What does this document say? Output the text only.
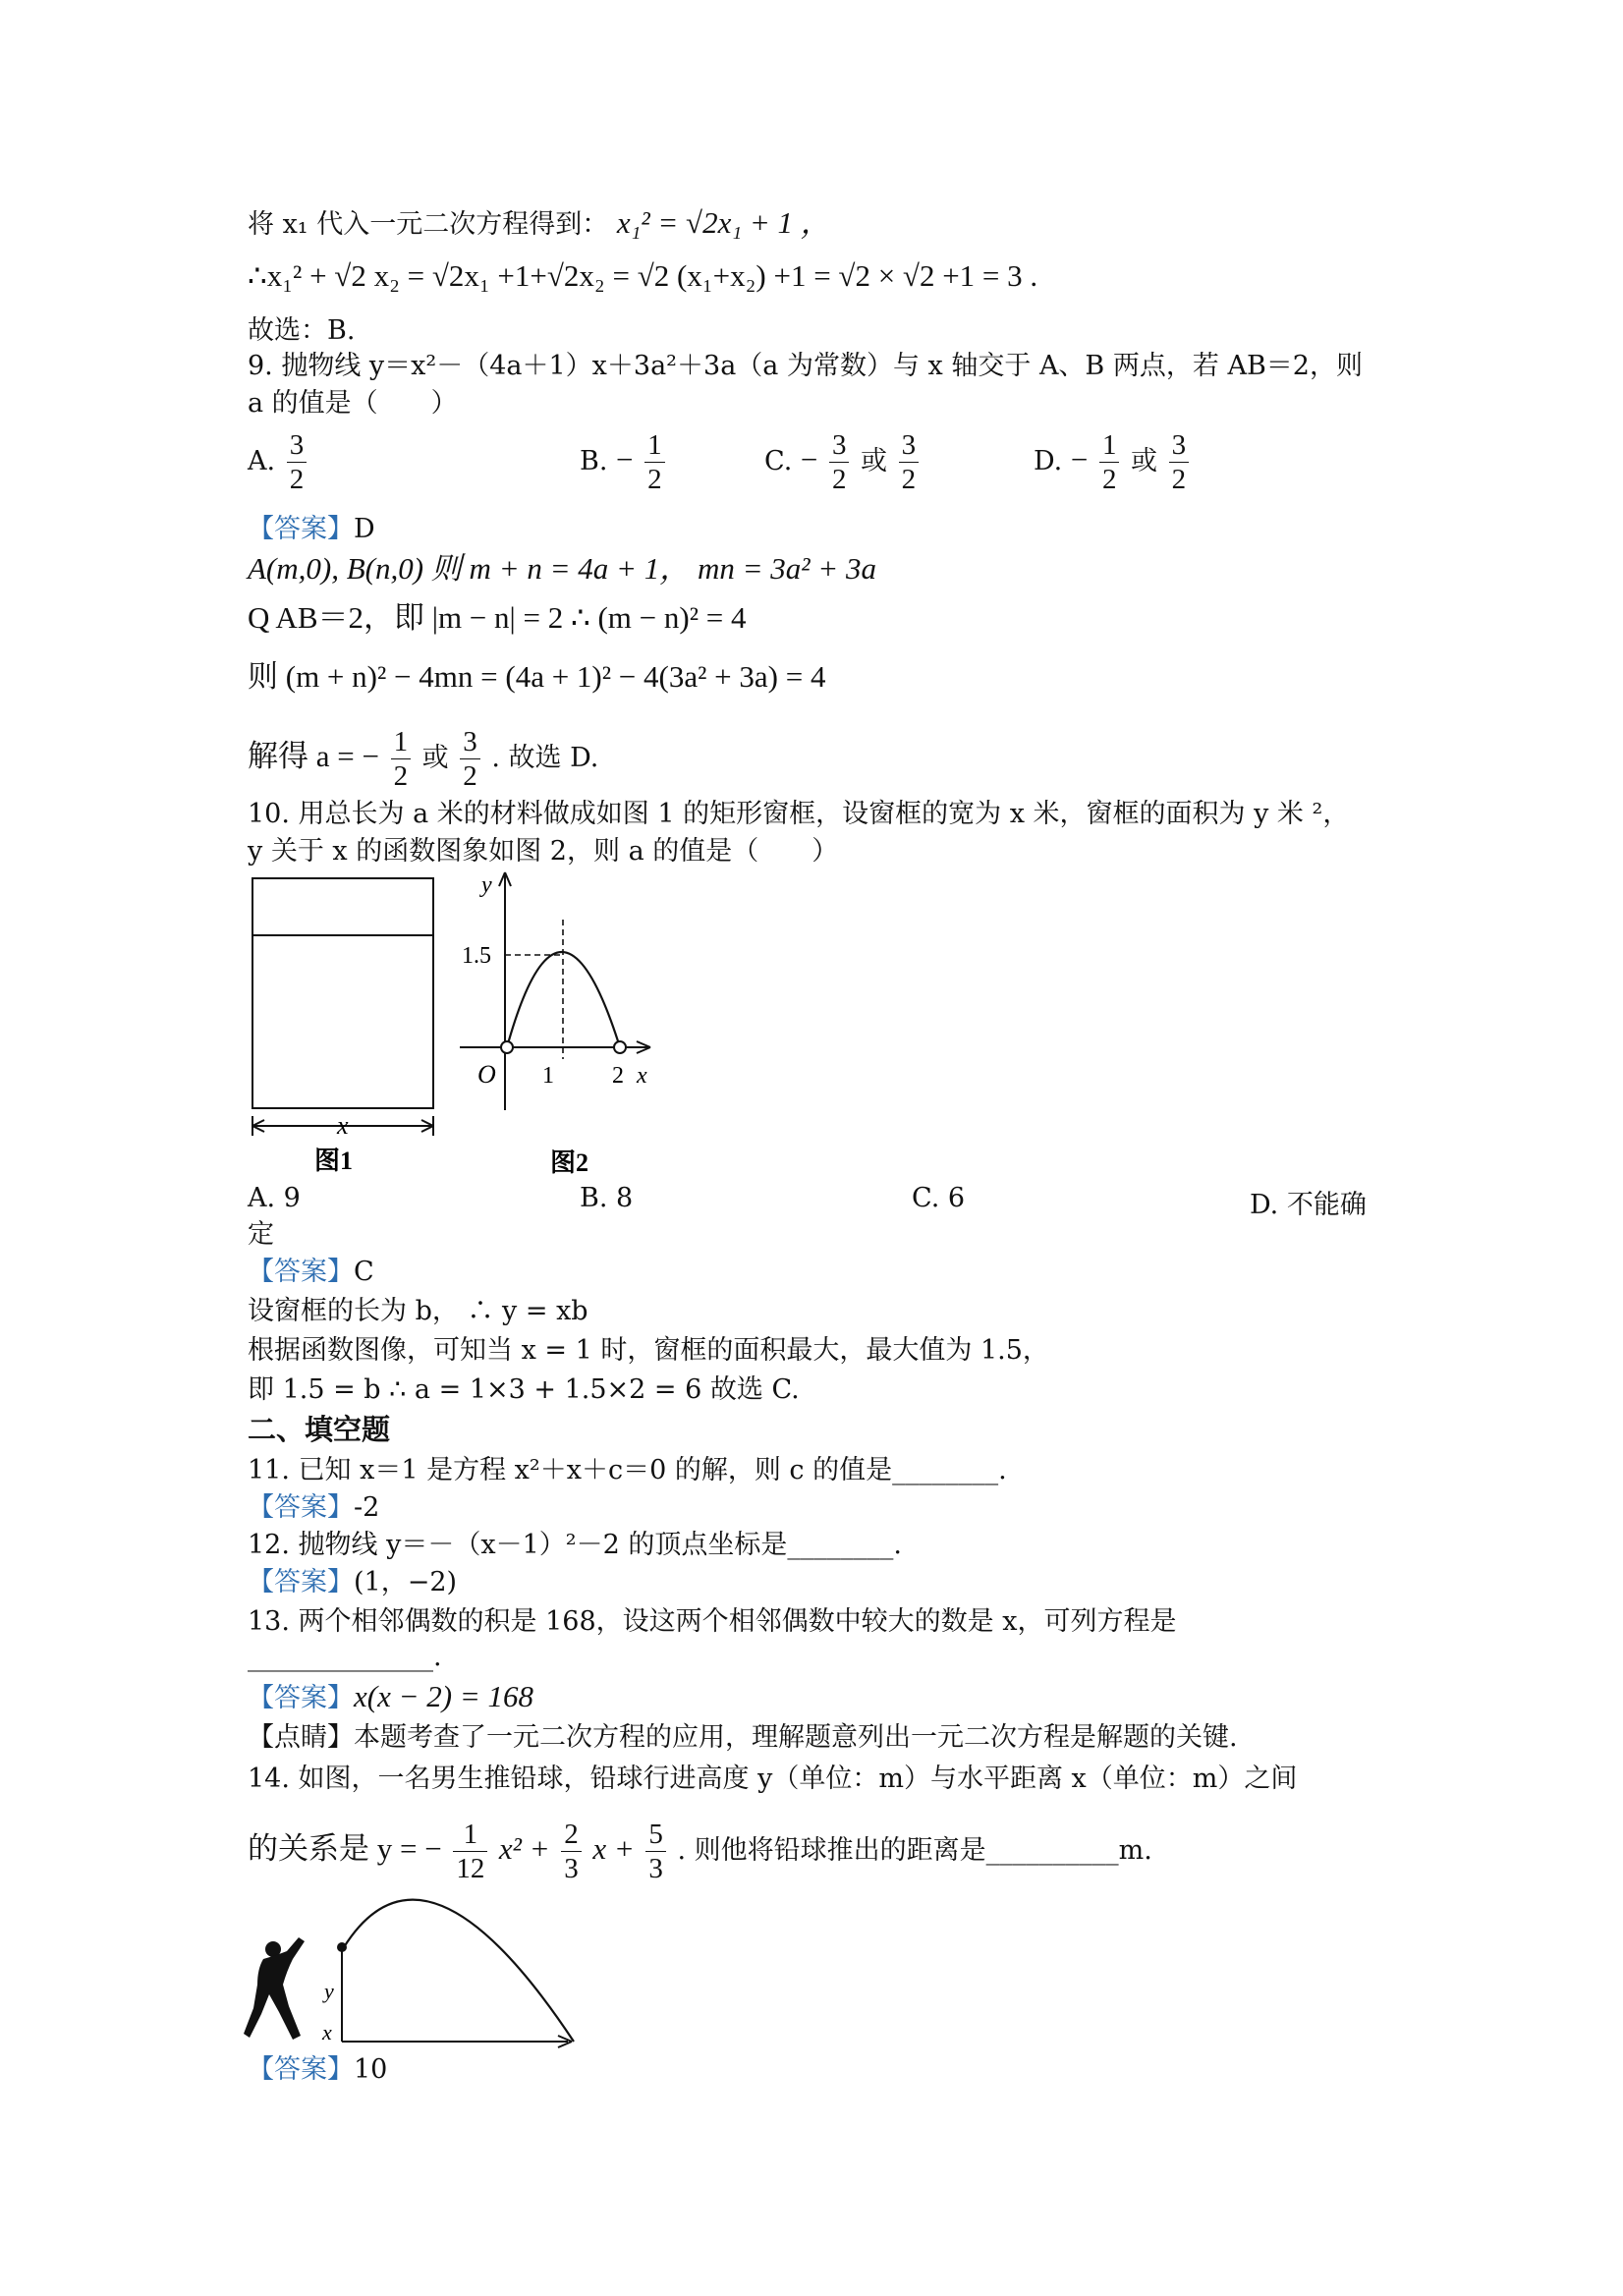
将 x₁ 代入一元二次方程得到： x₁² = √2x₁ + 1 ，
∴x₁² + √2 x₂ = √2x₁ +1+√2x₂ = √2 (x₁+x₂) +1 = √2 × √2 +1 = 3 .
故选：B.
9. 抛物线 y＝x²－（4a＋1）x＋3a²＋3a（a 为常数）与 x 轴交于 A、B 两点，若 AB＝2，则
a 的值是（　　）
A. $\frac{3}{2}$	B. − $\frac{1}{2}$	C. − $\frac{3}{2}$ 或 $\frac{3}{2}$	D. − $\frac{1}{2}$ 或 $\frac{3}{2}$
【答案】D
A(m,0), B(n,0) 则 m + n = 4a + 1， mn = 3a² + 3a
Q AB＝2，即 |m − n| = 2 ∴ (m − n)² = 4
则 (m + n)² − 4mn = (4a + 1)² − 4(3a² + 3a) = 4
解得 a = − $\frac{1}{2}$ 或 $\frac{3}{2}$ . 故选 D.
10. 用总长为 a 米的材料做成如图 1 的矩形窗框，设窗框的宽为 x 米，窗框的面积为 y 米 ²，
y 关于 x 的函数图象如图 2，则 a 的值是（　　）
x
图1
y
1.5
O 1 2 x
图2
A. 9	B. 8	C. 6	D. 不能确
定
【答案】C
设窗框的长为 b， ∴ y = xb
根据函数图像，可知当 x = 1 时，窗框的面积最大，最大值为 1.5，
即 1.5 = b ∴ a = 1×3 + 1.5×2 = 6 故选 C.
二、填空题
11. 已知 x＝1 是方程 x²＋x＋c＝0 的解，则 c 的值是________.
【答案】-2
12. 抛物线 y＝－（x－1）²－2 的顶点坐标是________.
【答案】(1，−2)
13. 两个相邻偶数的积是 168，设这两个相邻偶数中较大的数是 x，可列方程是
______________.
【答案】x(x − 2) = 168
【点睛】本题考查了一元二次方程的应用，理解题意列出一元二次方程是解题的关键.
14. 如图，一名男生推铅球，铅球行进高度 y（单位：m）与水平距离 x（单位：m）之间
的关系是 y = − $\frac{1}{12} x^2 + \frac{2}{3}$ $x + \frac{5}{3}$ . 则他将铅球推出的距离是__________m.
y
x
【答案】10
